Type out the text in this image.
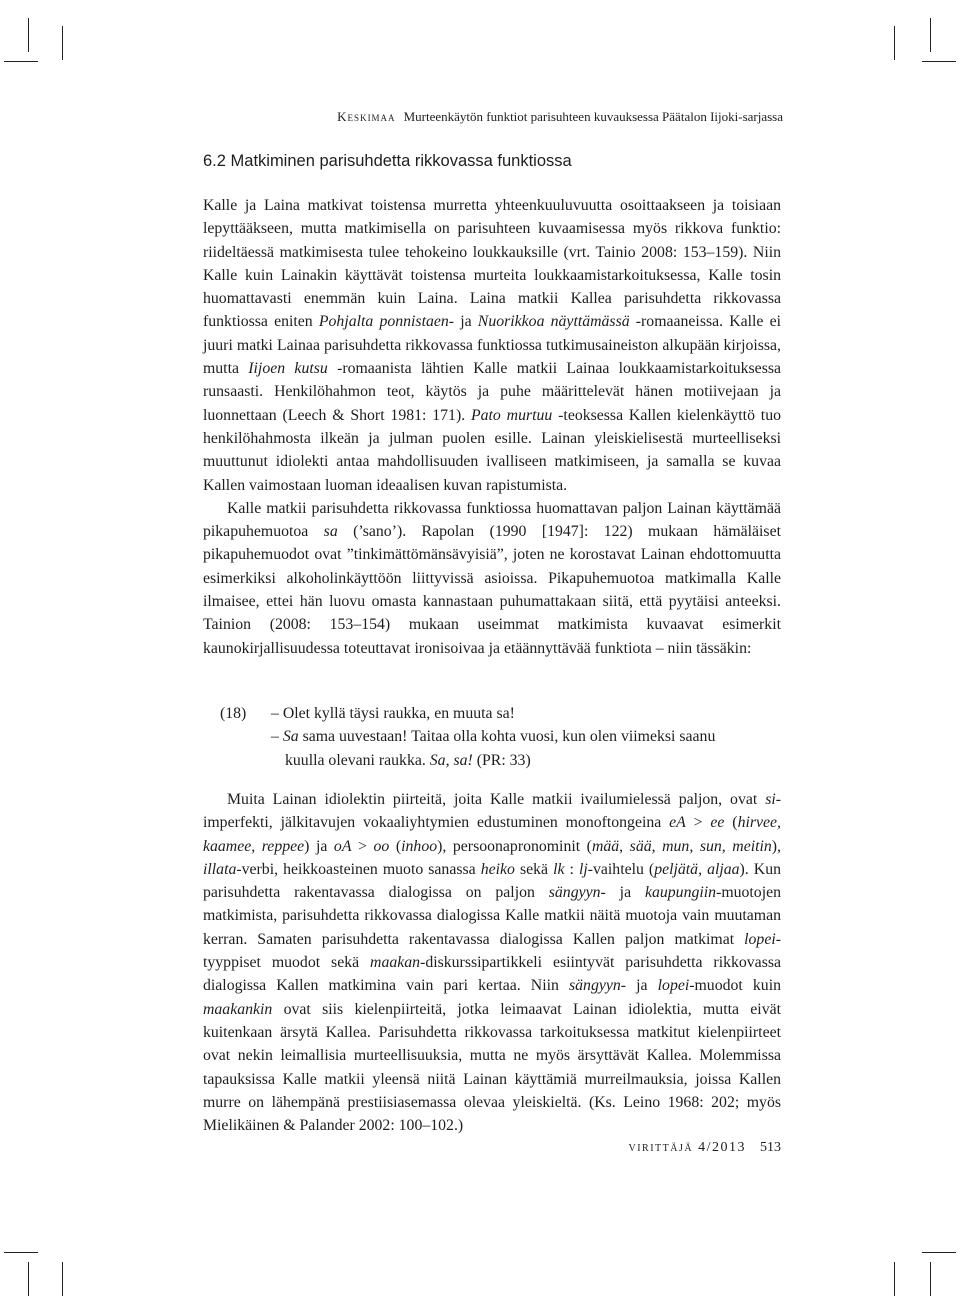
Keskimaa Murteenkäytön funktiot parisuhteen kuvauksessa Päätalon Iijoki-sarjassa
6.2 Matkiminen parisuhdetta rikkovassa funktiossa

Kalle ja Laina matkivat toistensa murretta yhteenkuuluvuutta osoittaakseen ja toisiaan lepyttääkseen, mutta matkimisella on parisuhteen kuvaamisessa myös rikkova funktio: riideltäessä matkimisesta tulee tehokeino loukkauksille (vrt. Tainio 2008: 153–159). Niin Kalle kuin Lainakin käyttävät toistensa murteita loukkaamistarkoituksessa, Kalle tosin huomattavasti enemmän kuin Laina. Laina matkii Kallea parisuhdetta rikkovassa funktiossa eniten Pohjalta ponnistaen- ja Nuorikkoa näyttämässä -romaaneissa. Kalle ei juuri matki Lainaa parisuhdetta rikkovassa funktiossa tutkimusaineiston alkupään kirjoissa, mutta Iijoen kutsu -romaanista lähtien Kalle matkii Lainaa loukkaamistarkoituksessa runsaasti. Henkilöhahmon teot, käytös ja puhe määrittelevät hänen motiivejaan ja luonnettaan (Leech & Short 1981: 171). Pato murtuu -teoksessa Kallen kielenkäyttö tuo henkilöhahmosta ilkeän ja julman puolen esille. Lainan yleiskielisestä murteelliseksi muuttunut idiolekti antaa mahdollisuuden ivalliseen matkimiseen, ja samalla se kuvaa Kallen vaimostaan luoman ideaalisen kuvan rapistumista.

Kalle matkii parisuhdetta rikkovassa funktiossa huomattavan paljon Lainan käyttämää pikapuhemuotoa sa (’sano’). Rapolan (1990 [1947]: 122) mukaan hämäläiset pikapuhemuodot ovat ”tinkimättömänsävyisiä”, joten ne korostavat Lainan ehdottomuutta esimerkiksi alkoholinkäyttöön liittyvissä asioissa. Pikapuhemuotoa matkimalla Kalle ilmaisee, ettei hän luovu omasta kannastaan puhumattakaan siitä, että pyytäisi anteeksi. Tainion (2008: 153–154) mukaan useimmat matkimista kuvaavat esimerkit kaunokirjallisuudessa toteuttavat ironisoivaa ja etäännyttävää funktiota – niin tässäkin:

(18) – Olet kyllä täysi raukka, en muuta sa!
– Sa sama uuvestaan! Taitaa olla kohta vuosi, kun olen viimeksi saanu
kuulla olevani raukka. Sa, sa! (PR: 33)

Muita Lainan idiolektin piirteitä, joita Kalle matkii ivailumielessä paljon, ovat si-imperfekti, jälkitavujen vokaaliyhtymien edustuminen monoftongeina eA > ee (hirvee, kaamee, reppee) ja oA > oo (inhoo), persoonapronominit (mää, sää, mun, sun, meitin), illata-verbi, heikkoasteinen muoto sanassa heiko sekä lk : lj-vaihtelu (peljätä, aljaa). Kun parisuhdetta rakentavassa dialogissa on paljon sängyyn- ja kaupungiin-muotojen matkimista, parisuhdetta rikkovassa dialogissa Kalle matkii näitä muotoja vain muutaman kerran. Samaten parisuhdetta rakentavassa dialogissa Kallen paljon matkimat lopei-tyyppiset muodot sekä maakan-diskurssipartikkeli esiintyvät parisuhdetta rikkovassa dialogissa Kallen matkimina vain pari kertaa. Niin sängyyn- ja lopei-muodot kuin maakankin ovat siis kielenpiirteitä, jotka leimaavat Lainan idiolektia, mutta eivät kuitenkaan ärsytä Kallea. Parisuhdetta rikkovassa tarkoituksessa matkitut kielenpiirteet ovat nekin leimallisia murteellisuuksia, mutta ne myös ärsyttävät Kallea. Molemmissa tapauksissa Kalle matkii yleensä niitä Lainan käyttämiä murreilmauksia, joissa Kallen murre on lähempänä prestiisiasemassa olevaa yleiskieltä. (Ks. Leino 1968: 202; myös Mielikäinen & Palander 2002: 100–102.)

virittäjä 4/2013 513
